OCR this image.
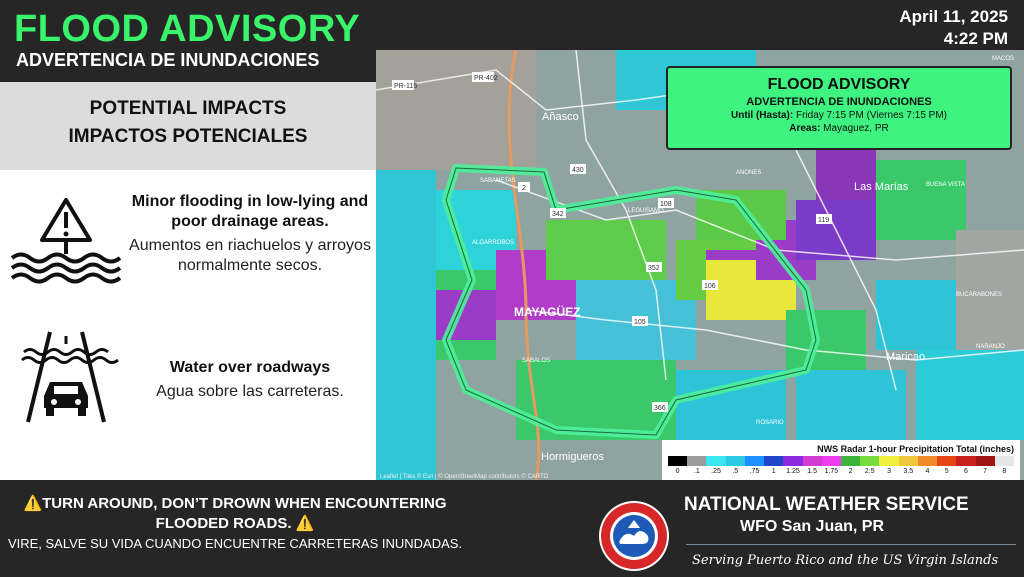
FLOOD ADVISORY
ADVERTENCIA DE INUNDACIONES
April 11, 2025
4:22 PM
POTENTIAL IMPACTS
IMPACTOS POTENCIALES
Minor flooding in low-lying and poor drainage areas.
Aumentos en riachuelos y arroyos normalmente secos.
Water over roadways
Agua sobre las carreteras.
Añasco
MAYAGÜEZ
Las Marías
Maricao
Hormigueros
SABANETAS
ALGARROBOS
SABALOS
ROSARIO
BUCARABONES
LEGUISAMO
BUENA VISTA
NARANJO
MACOS
ANONES
PR-115
PR-402
2
430
342
108
352
106
105
119
366
FLOOD ADVISORY
ADVERTENCIA DE INUNDACIONES
Until (Hasta): Friday 7:15 PM (Viernes 7:15 PM)
Areas: Mayaguez, PR
NWS Radar 1-hour Precipitation Total (inches)
0	.1	.25	.5	.75	1	1.25	1.5	1.75	2	2.5	3	3.5	4	5	6	7	8
Leaflet | Tiles © Esri | © OpenStreetMap contributors © CARTO
⚠️TURN AROUND, DON’T DROWN WHEN ENCOUNTERING FLOODED ROADS. ⚠️
VIRE, SALVE SU VIDA CUANDO ENCUENTRE CARRETERAS INUNDADAS.
NATIONAL WEATHER SERVICE
WFO San Juan, PR
Serving Puerto Rico and the US Virgin Islands
